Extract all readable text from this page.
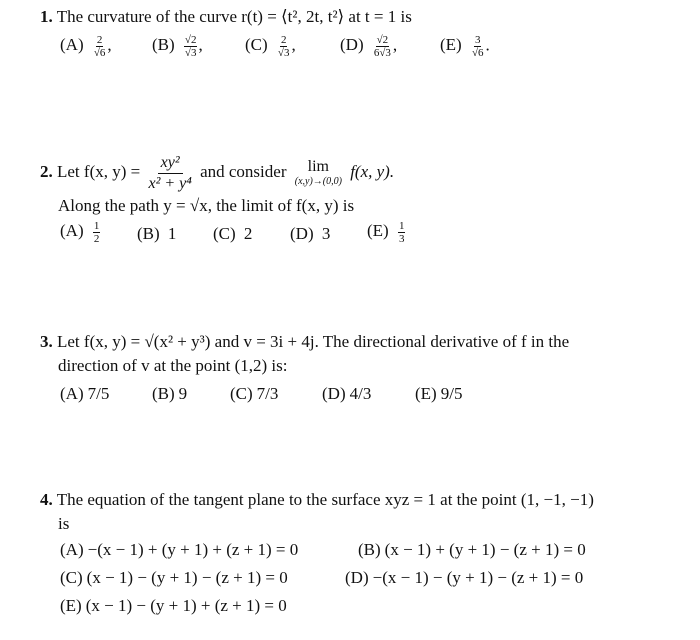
1. The curvature of the curve r(t) = ⟨t², 2t, t²⟩ at t = 1 is
$(A) \frac{2}{√6}$ , $(B) \frac{√2}{√3}$ , $(C) \frac{2}{√3}$ ,	$(D) \frac{√2}{6√3}$ ,	$(E) \frac{3}{√6}$ .
2. Let f(x, $y) = \frac{\text{xy²}}{\text{x² + y⁴}}$ and consider lim
(x,y)→(0,0)
f(x, y).
Along the path y = √x, the limit of f(x, y) is
$(A) \frac{1}{2} (B)$ 1 (C) 2 (D) 3 $(E) \frac{1}{3}$
3. Let f(x, y) = √(x² + y³) and v = 3i + 4j. The directional derivative of f in the
direction of v at the point (1,2) is:
(A) 7/5	(B) 9	(C) 7/3	(D) 4/3	(E) 9/5
4. The equation of the tangent plane to the surface xyz = 1 at the point (1, −1, −1)
is
(A) −(x − 1) + (y + 1) + (z + 1) = 0	(B) (x − 1) + (y + 1) − (z + 1) = 0
(C) (x − 1) − (y + 1) − (z + 1) = 0	(D) −(x − 1) − (y + 1) − (z + 1) = 0
(E) (x − 1) − (y + 1) + (z + 1) = 0
